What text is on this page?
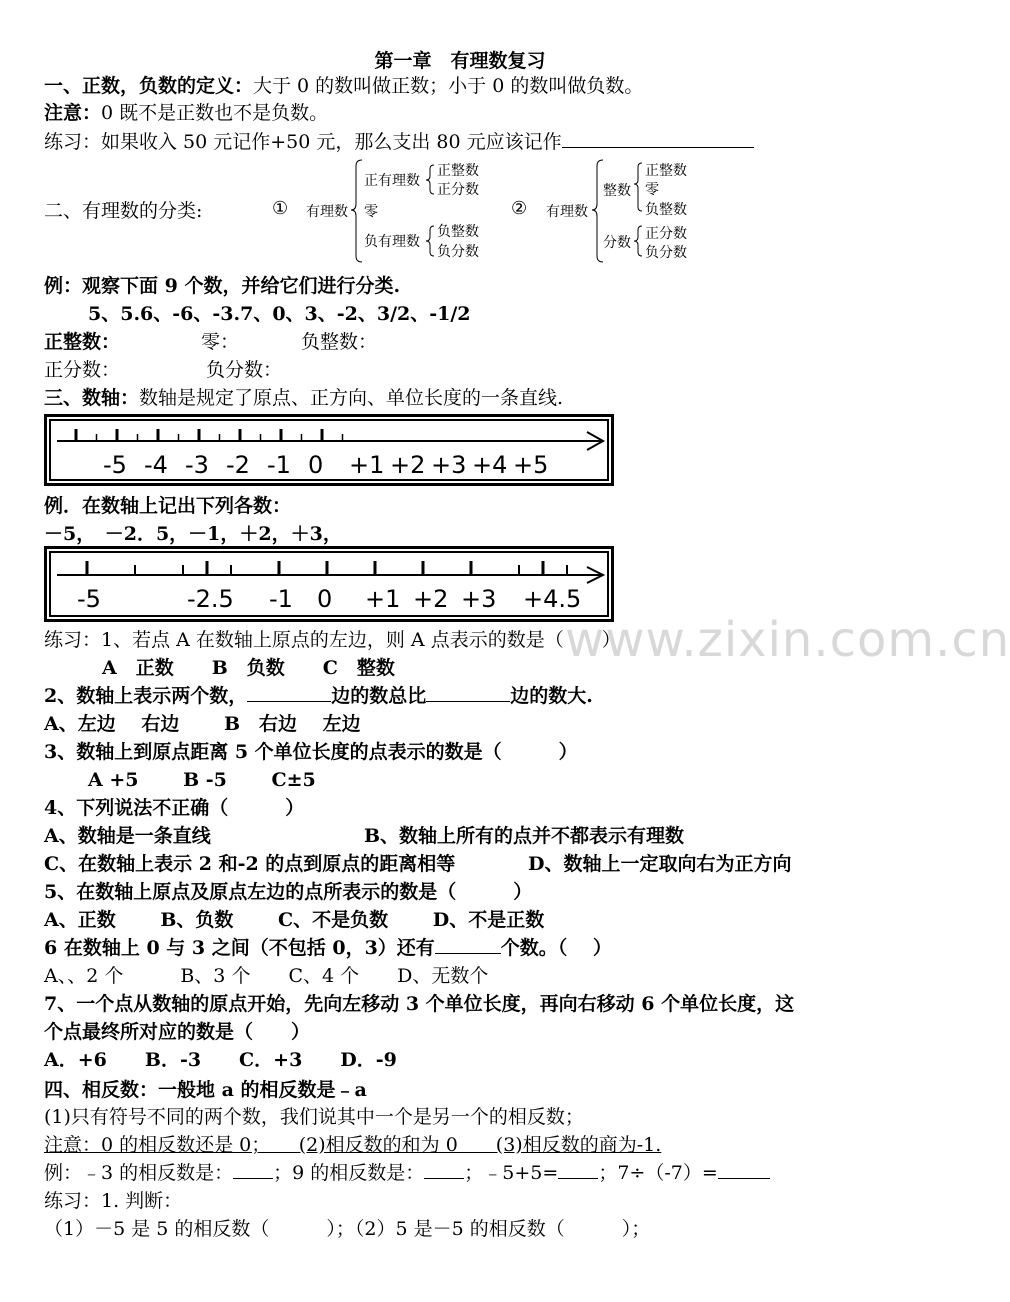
第一章　有理数复习
一、正数，负数的定义：大于 0 的数叫做正数；小于 0 的数叫做负数。
注意：0 既不是正数也不是负数。
练习：如果收入 50 元记作+50 元，那么支出 80 元应该记作
二、有理数的分类:	①	②
有理数
正有理数
零
负有理数
正整数
正分数
负整数
负分数
有理数
整数
分数
正整数
零
负整数
正分数
负分数
例：观察下面 9 个数，并给它们进行分类.
5、5.6、-6、-3.7、0、3、-2、3/2、-1/2
正整数：	零：	负整数：
正分数：	负分数：
三、数轴：数轴是规定了原点、正方向、单位长度的一条直线.
-5 -4 -3 -2 -1 0 +1 +2 +3 +4 +5
例．在数轴上记出下列各数：
－5，　－2．5，－1，＋2，＋3，
-5	-2.5 -1 0 +1 +2 +3 +4.5
www.zixin.com.cn
练习：1、若点 A 在数轴上原点的左边，则 A 点表示的数是（　　）
A　正数　　B　负数　　C　整数
2、数轴上表示两个数，	边的数总比	边的数大.
A、左边　 右边　　 B　右边　 左边
3、数轴上到原点距离 5 个单位长度的点表示的数是（　　　）
A +5　　 B -5　　 C±5
4、下列说法不正确（　　　）
A、数轴是一条直线	B、数轴上所有的点并不都表示有理数
C、在数轴上表示 2 和-2 的点到原点的距离相等	D、数轴上一定取向右为正方向
5、在数轴上原点及原点左边的点所表示的数是（　　　）
A、正数　　 B、负数　　 C、不是负数　　 D、不是正数
6 在数轴上 0 与 3 之间（不包括 0，3）还有	个数。（　 ）
A、、2 个　　　B、3 个　　C、4 个　　D、无数个
7、一个点从数轴的原点开始，先向左移动 3 个单位长度，再向右移动 6 个单位长度，这
个点最终所对应的数是（　　）
A．+6　　B．-3　　C．+3　　D．-9
四、相反数：一般地 a 的相反数是﹣a
(1)只有符号不同的两个数，我们说其中一个是另一个的相反数；
注意：0 的相反数还是 0；　　(2)相反数的和为 0　　(3)相反数的商为-1.
例：﹣3 的相反数是： ；9 的相反数是： ；﹣5+5= ；7÷（-7）=
练习：1. 判断：
（1）－5 是 5 的相反数（　　　）；（2）5 是－5 的相反数（　　　）；
